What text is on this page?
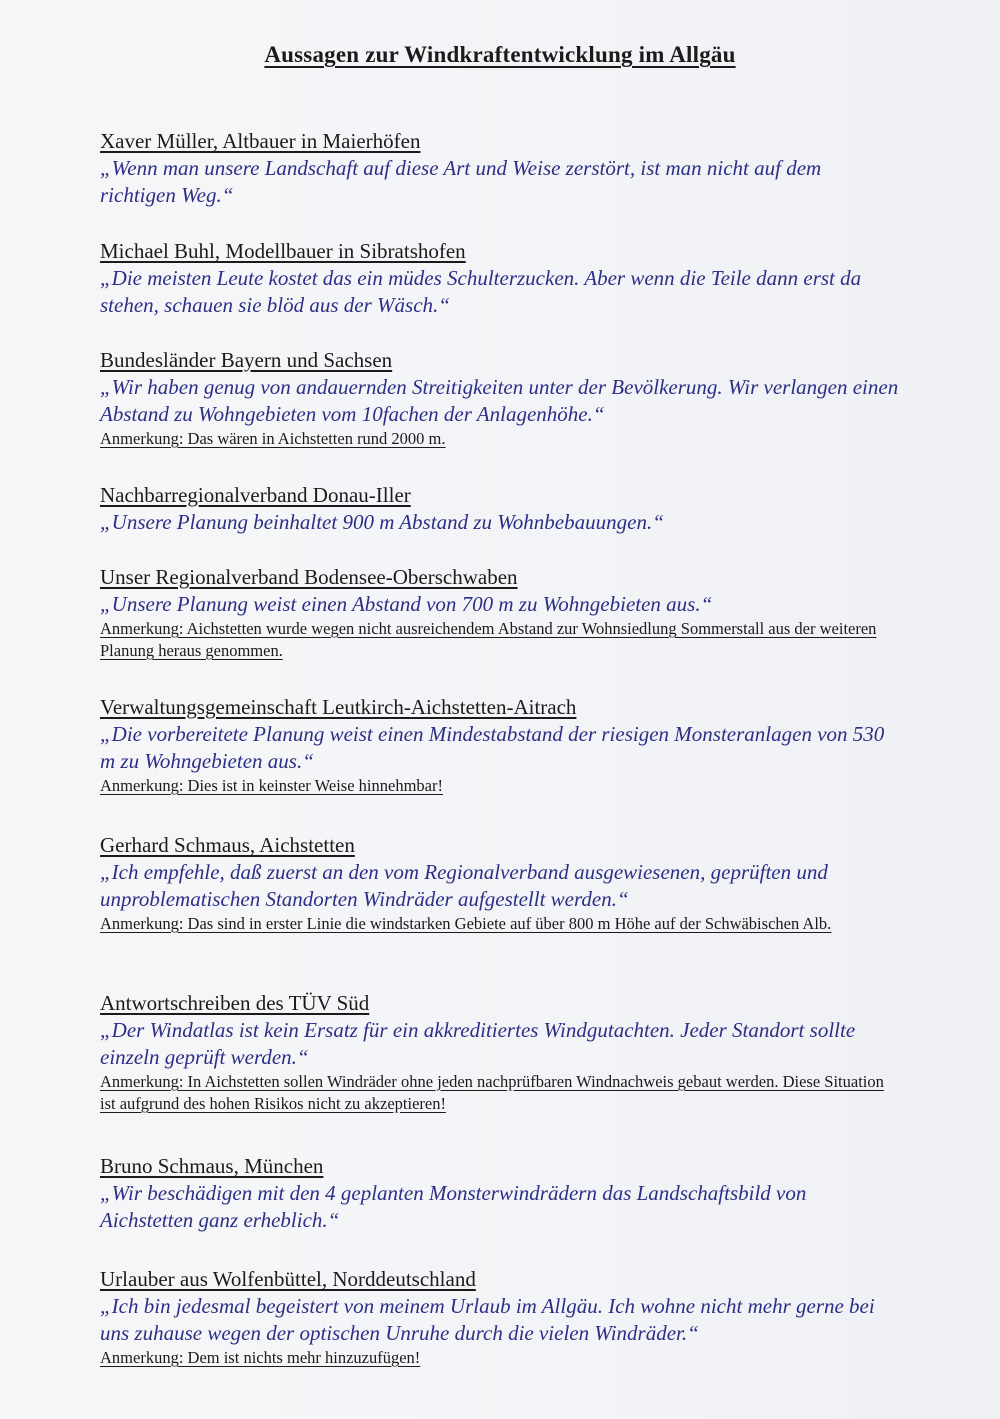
Aussagen zur Windkraftentwicklung im Allgäu
Xaver Müller, Altbauer in Maierhöfen
„Wenn man unsere Landschaft auf diese Art und Weise zerstört, ist man nicht auf dem richtigen Weg.“
Michael Buhl, Modellbauer in Sibratshofen
„Die meisten Leute kostet das ein müdes Schulterzucken. Aber wenn die Teile dann erst da stehen, schauen sie blöd aus der Wäsch.“
Bundesländer Bayern und Sachsen
„Wir haben genug von andauernden Streitigkeiten unter der Bevölkerung. Wir verlangen einen Abstand zu Wohngebieten vom 10fachen der Anlagenhöhe.“
Anmerkung: Das wären in Aichstetten rund 2000 m.
Nachbarregionalverband Donau-Iller
„Unsere Planung beinhaltet 900 m Abstand zu Wohnbebauungen.“
Unser Regionalverband Bodensee-Oberschwaben
„Unsere Planung weist einen Abstand von 700 m zu Wohngebieten aus.“
Anmerkung: Aichstetten wurde wegen nicht ausreichendem Abstand zur Wohnsiedlung Sommerstall aus der weiteren Planung heraus genommen.
Verwaltungsgemeinschaft Leutkirch-Aichstetten-Aitrach
„Die vorbereitete Planung weist einen Mindestabstand der riesigen Monsteranlagen von 530 m zu Wohngebieten aus.“
Anmerkung: Dies ist in keinster Weise hinnehmbar!
Gerhard Schmaus, Aichstetten
„Ich empfehle, daß zuerst an den vom Regionalverband ausgewiesenen, geprüften und unproblematischen Standorten Windräder aufgestellt werden.“
Anmerkung: Das sind in erster Linie die windstarken Gebiete auf über 800 m Höhe auf der Schwäbischen Alb.
Antwortschreiben des TÜV Süd
„Der Windatlas ist kein Ersatz für ein akkreditiertes Windgutachten. Jeder Standort sollte einzeln geprüft werden.“
Anmerkung: In Aichstetten sollen Windräder ohne jeden nachprüfbaren Windnachweis gebaut werden. Diese Situation ist aufgrund des hohen Risikos nicht zu akzeptieren!
Bruno Schmaus, München
„Wir beschädigen mit den 4 geplanten Monsterwindrädern das Landschaftsbild von Aichstetten ganz erheblich.“
Urlauber aus Wolfenbüttel, Norddeutschland
„Ich bin jedesmal begeistert von meinem Urlaub im Allgäu. Ich wohne nicht mehr gerne bei uns zuhause wegen der optischen Unruhe durch die vielen Windräder.“
Anmerkung: Dem ist nichts mehr hinzuzufügen!
